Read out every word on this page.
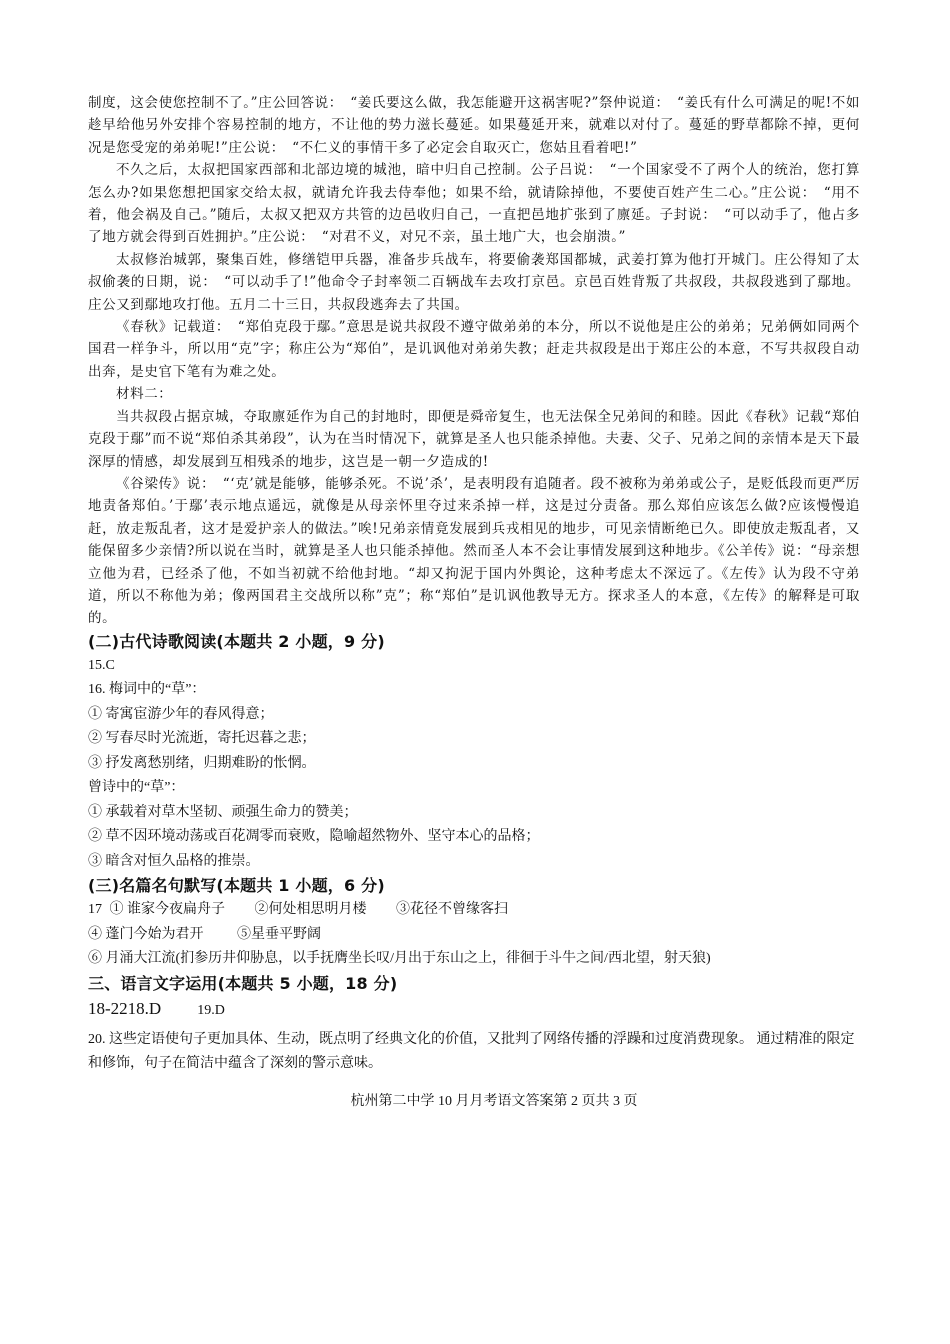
制度，这会使您控制不了。”庄公回答说：　“姜氏要这么做，我怎能避开这祸害呢?”祭仲说道：　“姜氏有什么可满足的呢!不如趁早给他另外安排个容易控制的地方，不让他的势力滋长蔓延。如果蔓延开来，就难以对付了。蔓延的野草都除不掉，更何况是您受宠的弟弟呢!”庄公说：　“不仁义的事情干多了必定会自取灭亡，您姑且看着吧!”

不久之后，太叔把国家西部和北部边境的城池，暗中归自己控制。公子吕说：　“一个国家受不了两个人的统治，您打算怎么办?如果您想把国家交给太叔，就请允许我去侍奉他；如果不给，就请除掉他，不要使百姓产生二心。”庄公说：　“用不着，他会祸及自己。”随后，太叔又把双方共管的边邑收归自己，一直把邑地扩张到了廪延。子封说：　“可以动手了，他占多了地方就会得到百姓拥护。”庄公说：　“对君不义，对兄不亲，虽土地广大，也会崩溃。”

太叔修治城郭，聚集百姓，修缮铠甲兵器，准备步兵战车，将要偷袭郑国都城，武姜打算为他打开城门。庄公得知了太叔偷袭的日期，说：　“可以动手了!”他命令子封率领二百辆战车去攻打京邑。京邑百姓背叛了共叔段，共叔段逃到了鄢地。庄公又到鄢地攻打他。五月二十三日，共叔段逃奔去了共国。

《春秋》记载道：　“郑伯克段于鄢。”意思是说共叔段不遵守做弟弟的本分，所以不说他是庄公的弟弟；兄弟俩如同两个国君一样争斗，所以用“克”字；称庄公为“郑伯”，是讥讽他对弟弟失教；赶走共叔段是出于郑庄公的本意，不写共叔段自动出奔，是史官下笔有为难之处。

材料二：

当共叔段占据京城，夺取廪延作为自己的封地时，即便是舜帝复生，也无法保全兄弟间的和睦。因此《春秋》记载“郑伯克段于鄢”而不说“郑伯杀其弟段”，认为在当时情况下，就算是圣人也只能杀掉他。夫妻、父子、兄弟之间的亲情本是天下最深厚的情感，却发展到互相残杀的地步，这岂是一朝一夕造成的!

《谷梁传》说：　“‘克’就是能够，能够杀死。不说’杀’，是表明段有追随者。段不被称为弟弟或公子，是贬低段而更严厉地责备郑伯。’于鄢’表示地点遥远，就像是从母亲怀里夺过来杀掉一样，这是过分责备。那么郑伯应该怎么做?应该慢慢追赶，放走叛乱者，这才是爱护亲人的做法。”唉!兄弟亲情竟发展到兵戎相见的地步，可见亲情断绝已久。即使放走叛乱者，又能保留多少亲情?所以说在当时，就算是圣人也只能杀掉他。然而圣人本不会让事情发展到这种地步。《公羊传》说：“母亲想立他为君，已经杀了他，不如当初就不给他封地。“却又拘泥于国内外舆论，这种考虑太不深远了。《左传》认为段不守弟道，所以不称他为弟；像两国君主交战所以称”克”；称“郑伯”是讥讽他教导无方。探求圣人的本意，《左传》的解释是可取的。

(二)古代诗歌阅读(本题共 2 小题，9 分)

15.C

16. 梅词中的“草”：

① 寄寓宦游少年的春风得意；

② 写春尽时光流逝，寄托迟暮之悲；

③ 抒发离愁别绪，归期难盼的怅惘。

曾诗中的“草”：

① 承载着对草木坚韧、顽强生命力的赞美；

② 草不因环境动荡或百花凋零而衰败，隐喻超然物外、坚守本心的品格；

③ 暗含对恒久品格的推崇。

(三)名篇名句默写(本题共 1 小题，6 分)

17 ① 谁家今夜扁舟子 ②何处相思明月楼 ③花径不曾缘客扫

④ 蓬门今始为君开 ⑤星垂平野阔

⑥ 月涌大江流(扪参历井仰胁息，以手抚膺坐长叹/月出于东山之上，徘徊于斗牛之间/西北望，射天狼)

三、语言文字运用(本题共 5 小题，18 分)

18-2218.D	19.D

20. 这些定语使句子更加具体、生动，既点明了经典文化的价值，又批判了网络传播的浮躁和过度消费现象。 通过精准的限定和修饰，句子在简洁中蕴含了深刻的警示意味。

杭州第二中学 10 月月考语文答案第 2 页共 3 页
